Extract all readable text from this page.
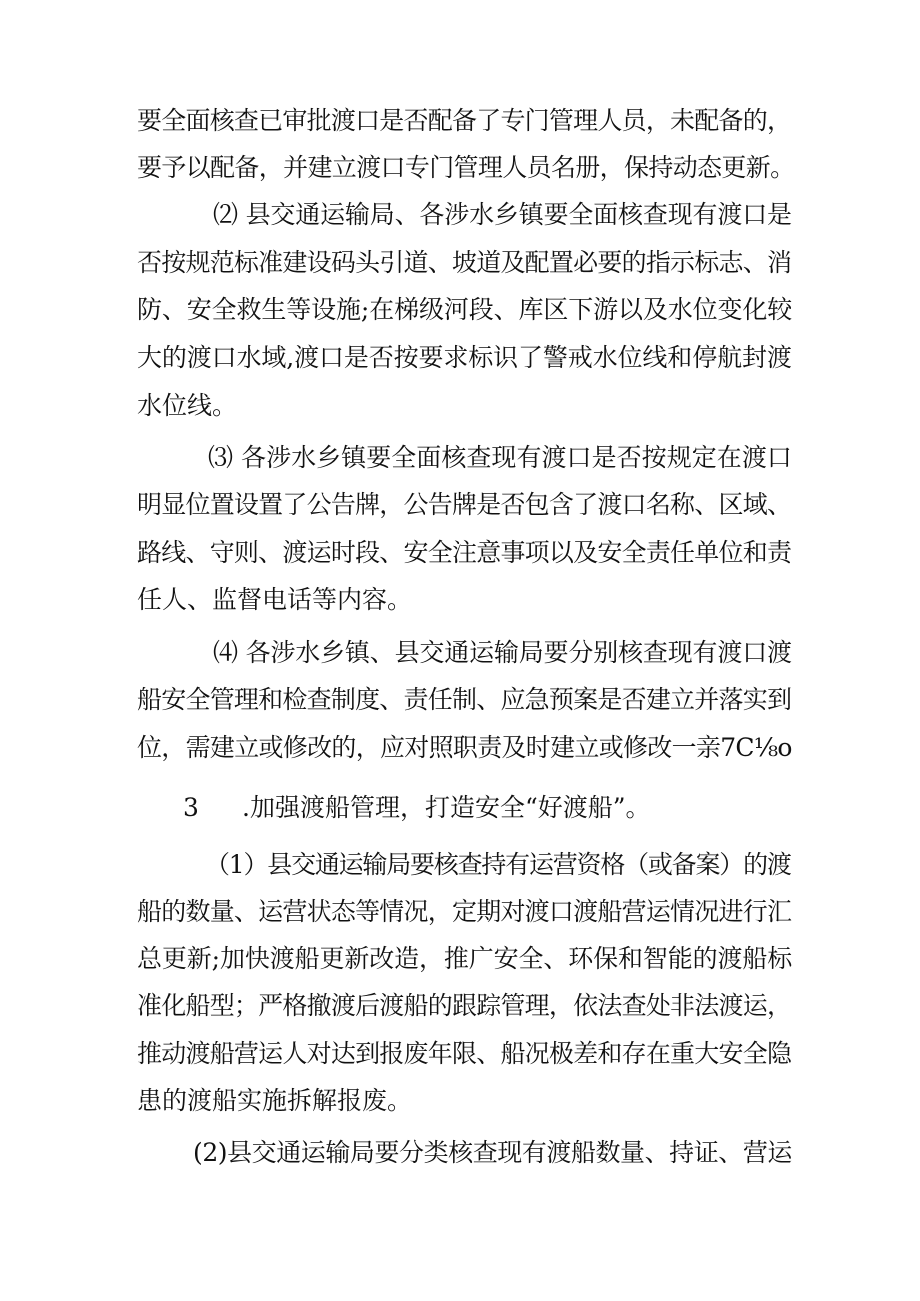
要全面核查已审批渡口是否配备了专门管理人员，未配备的，
要予以配备，并建立渡口专门管理人员名册，保持动态更新。
⑵ 县交通运输局、各涉水乡镇要全面核查现有渡口是
否按规范标准建设码头引道、坡道及配置必要的指示标志、消
防、安全救生等设施;在梯级河段、库区下游以及水位变化较
大的渡口水域,渡口是否按要求标识了警戒水位线和停航封渡
水位线。
⑶ 各涉水乡镇要全面核查现有渡口是否按规定在渡口
明显位置设置了公告牌，公告牌是否包含了渡口名称、区域、
路线、守则、渡运时段、安全注意事项以及安全责任单位和责
任人、监督电话等内容。
⑷ 各涉水乡镇、县交通运输局要分别核查现有渡口渡
船安全管理和检查制度、责任制、应急预案是否建立并落实到
位，需建立或修改的，应对照职责及时建立或修改一亲7C⅛o
3 .加强渡船管理，打造安全“好渡船”。
（1）县交通运输局要核查持有运营资格（或备案）的渡
船的数量、运营状态等情况，定期对渡口渡船营运情况进行汇
总更新;加快渡船更新改造，推广安全、环保和智能的渡船标
准化船型；严格撤渡后渡船的跟踪管理，依法查处非法渡运，
推动渡船营运人对达到报废年限、船况极差和存在重大安全隐
患的渡船实施拆解报废。
(2)县交通运输局要分类核查现有渡船数量、持证、营运
